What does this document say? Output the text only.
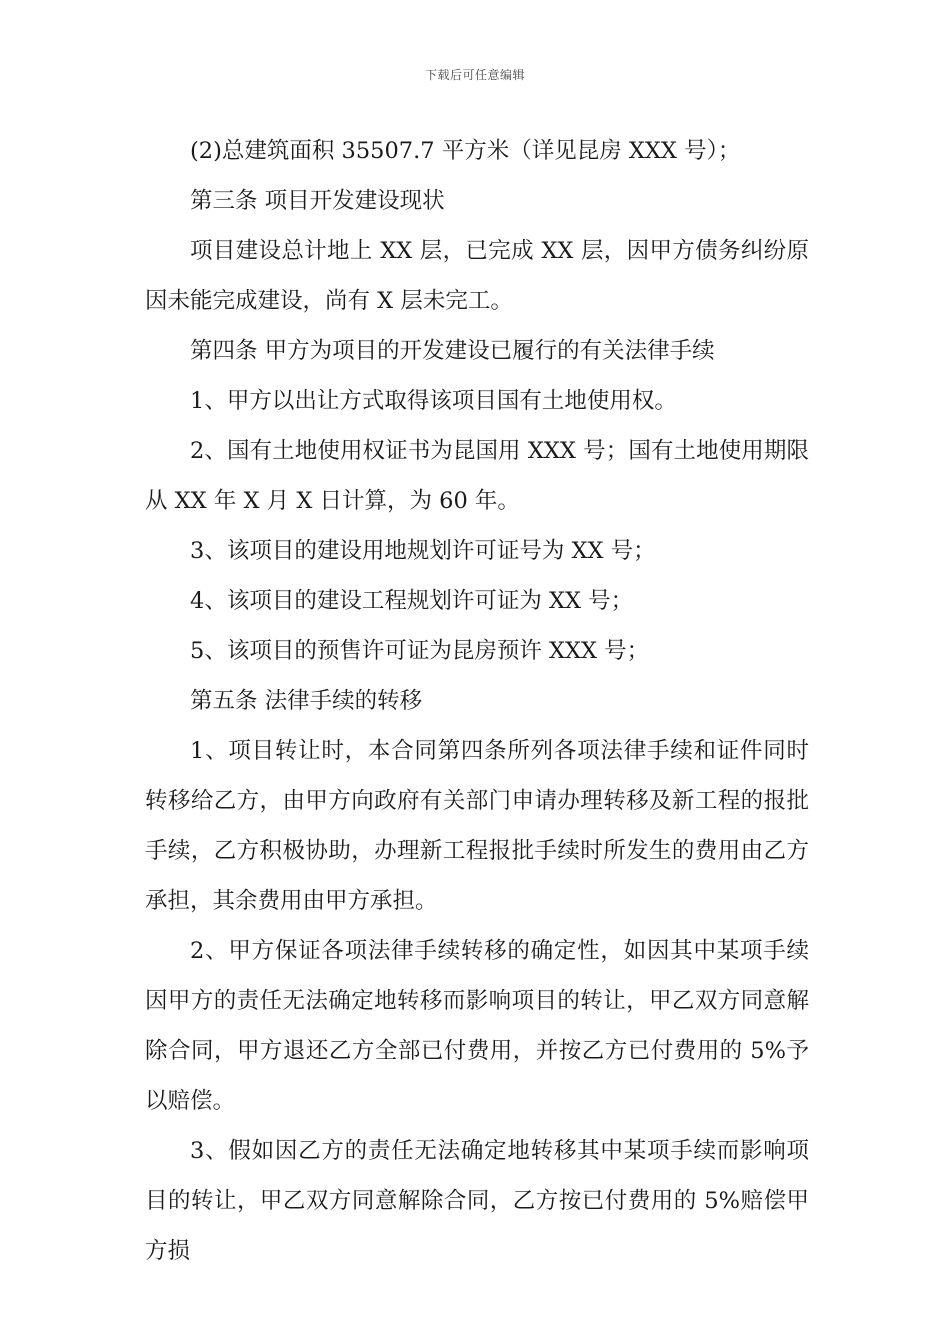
下载后可任意编辑

(2)总建筑面积 35507.7 平方米（详见昆房 XXX 号）；

第三条 项目开发建设现状

项目建设总计地上 XX 层，已完成 XX 层，因甲方债务纠纷原因未能完成建设，尚有 X 层未完工。

第四条 甲方为项目的开发建设已履行的有关法律手续

1、甲方以出让方式取得该项目国有土地使用权。

2、国有土地使用权证书为昆国用 XXX 号；国有土地使用期限从 XX 年 X 月 X 日计算，为 60 年。

3、该项目的建设用地规划许可证号为 XX 号；

4、该项目的建设工程规划许可证为 XX 号；

5、该项目的预售许可证为昆房预许 XXX 号；

第五条 法律手续的转移

1、项目转让时，本合同第四条所列各项法律手续和证件同时转移给乙方，由甲方向政府有关部门申请办理转移及新工程的报批手续，乙方积极协助，办理新工程报批手续时所发生的费用由乙方承担，其余费用由甲方承担。

2、甲方保证各项法律手续转移的确定性，如因其中某项手续因甲方的责任无法确定地转移而影响项目的转让，甲乙双方同意解除合同，甲方退还乙方全部已付费用，并按乙方已付费用的 5%予以赔偿。

3、假如因乙方的责任无法确定地转移其中某项手续而影响项目的转让，甲乙双方同意解除合同，乙方按已付费用的 5%赔偿甲方损
